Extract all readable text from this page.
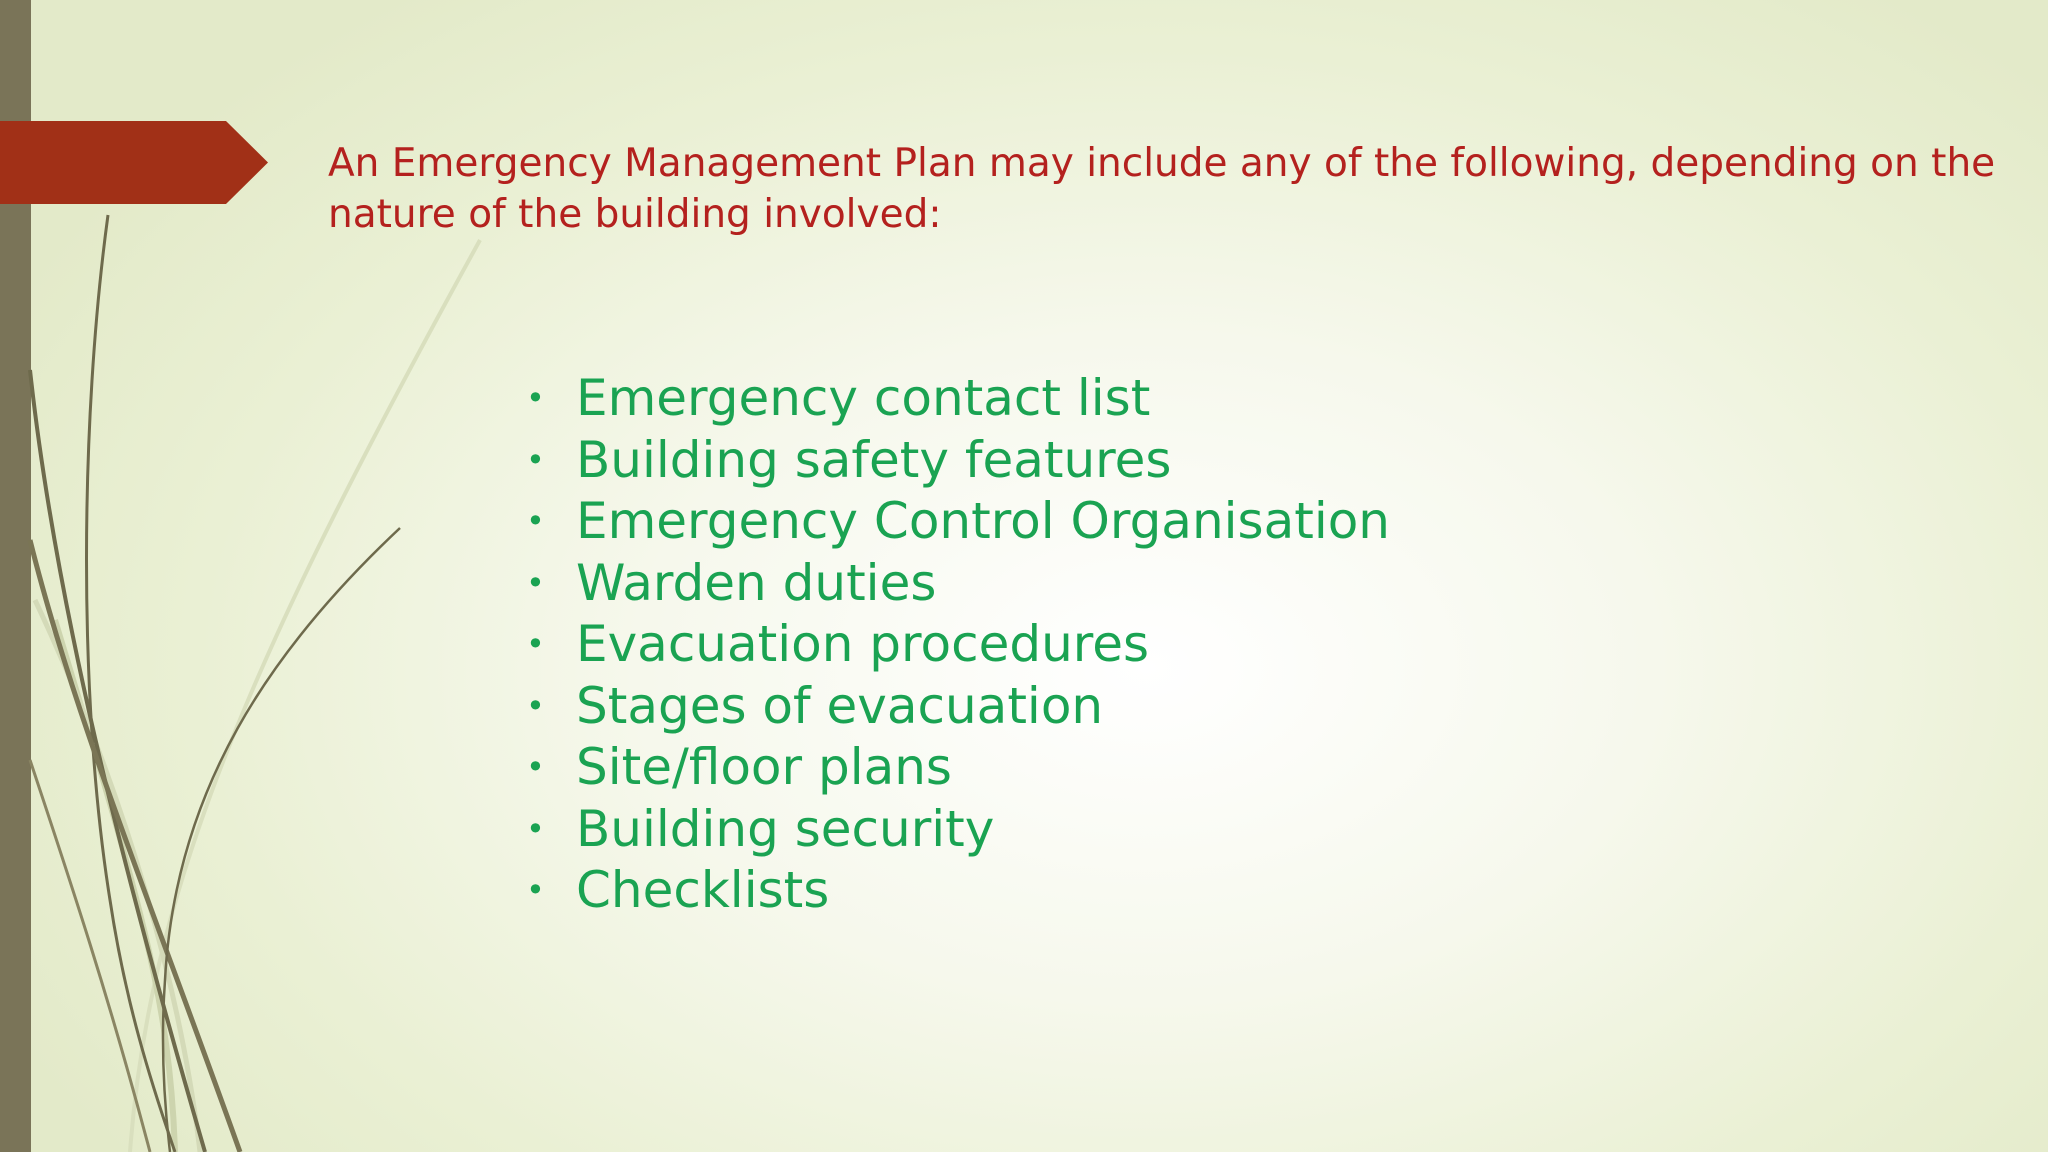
An Emergency Management Plan may include any of the following, depending on the nature of the building involved:
• Emergency contact list
• Building safety features
• Emergency Control Organisation
• Warden duties
• Evacuation procedures
• Stages of evacuation
• Site/floor plans
• Building security
• Checklists
